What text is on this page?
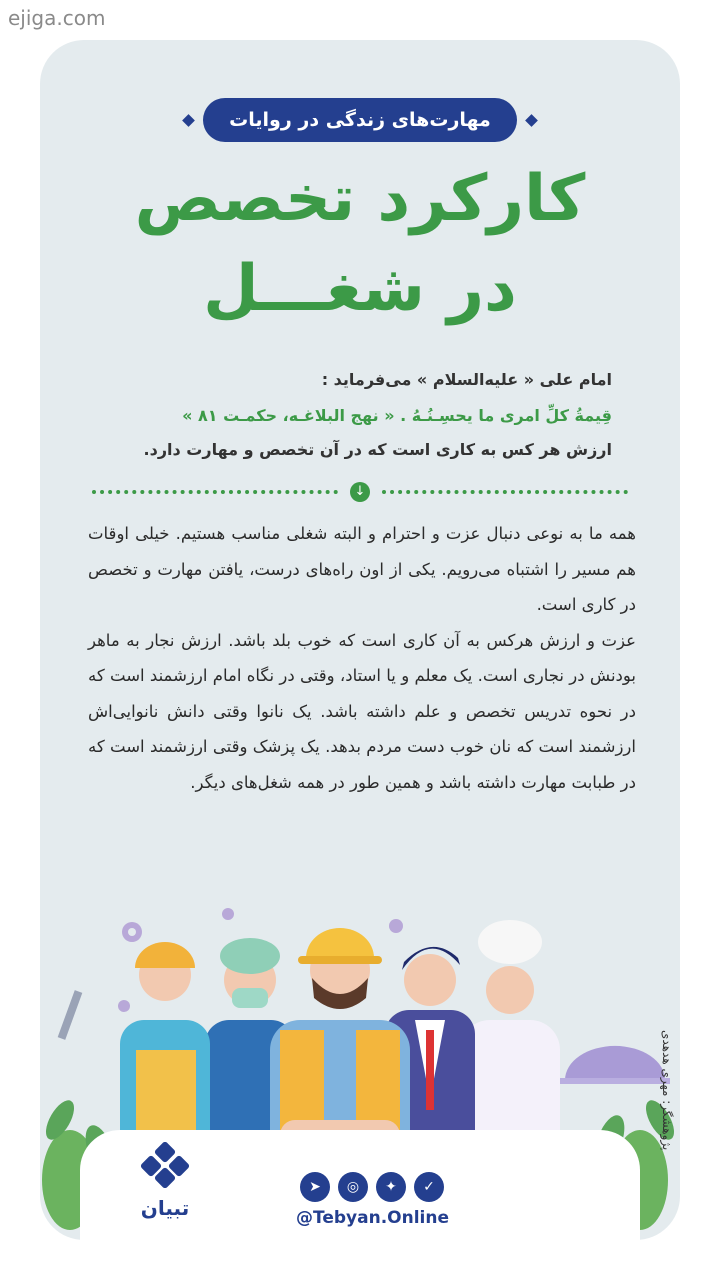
ejiga.com
مهارت‌های زندگی در روایات
کارکرد تخصص
در شغـــل
امام علی « علیه‌السلام » می‌فرماید :
قِیمةُ کلِّ امری ما یحسِـنُـهُ . « نهج البلاغـه، حکمـت ۸۱ »
ارزش هر کس به کاری است که در آن تخصص و مهارت دارد.
↓

همه ما به نوعی دنبال عزت و احترام و البته شغلی مناسب هستیم. خیلی اوقات هم مسیر را اشتباه می‌رویم. یکی از اون راه‌های درست، یافتن مهارت و تخصص در کاری است.

عزت و ارزش هرکس به آن کاری است که خوب بلد باشد. ارزش نجار به ماهر بودنش در نجاری است. یک معلم و یا استاد، وقتی در نگاه امام ارزشمند است که در نحوه تدریس تخصص و علم داشته باشد. یک نانوا وقتی دانش نانوایی‌اش ارزشمند است که نان خوب دست مردم بدهد. یک پزشک وقتی ارزشمند است که در طبابت مهارت داشته باشد و همین طور در همه شغل‌های دیگر.

پژوهشگر: مهری هدهدی
تبیان
➤	◎	✦	✓
@Tebyan.Online
